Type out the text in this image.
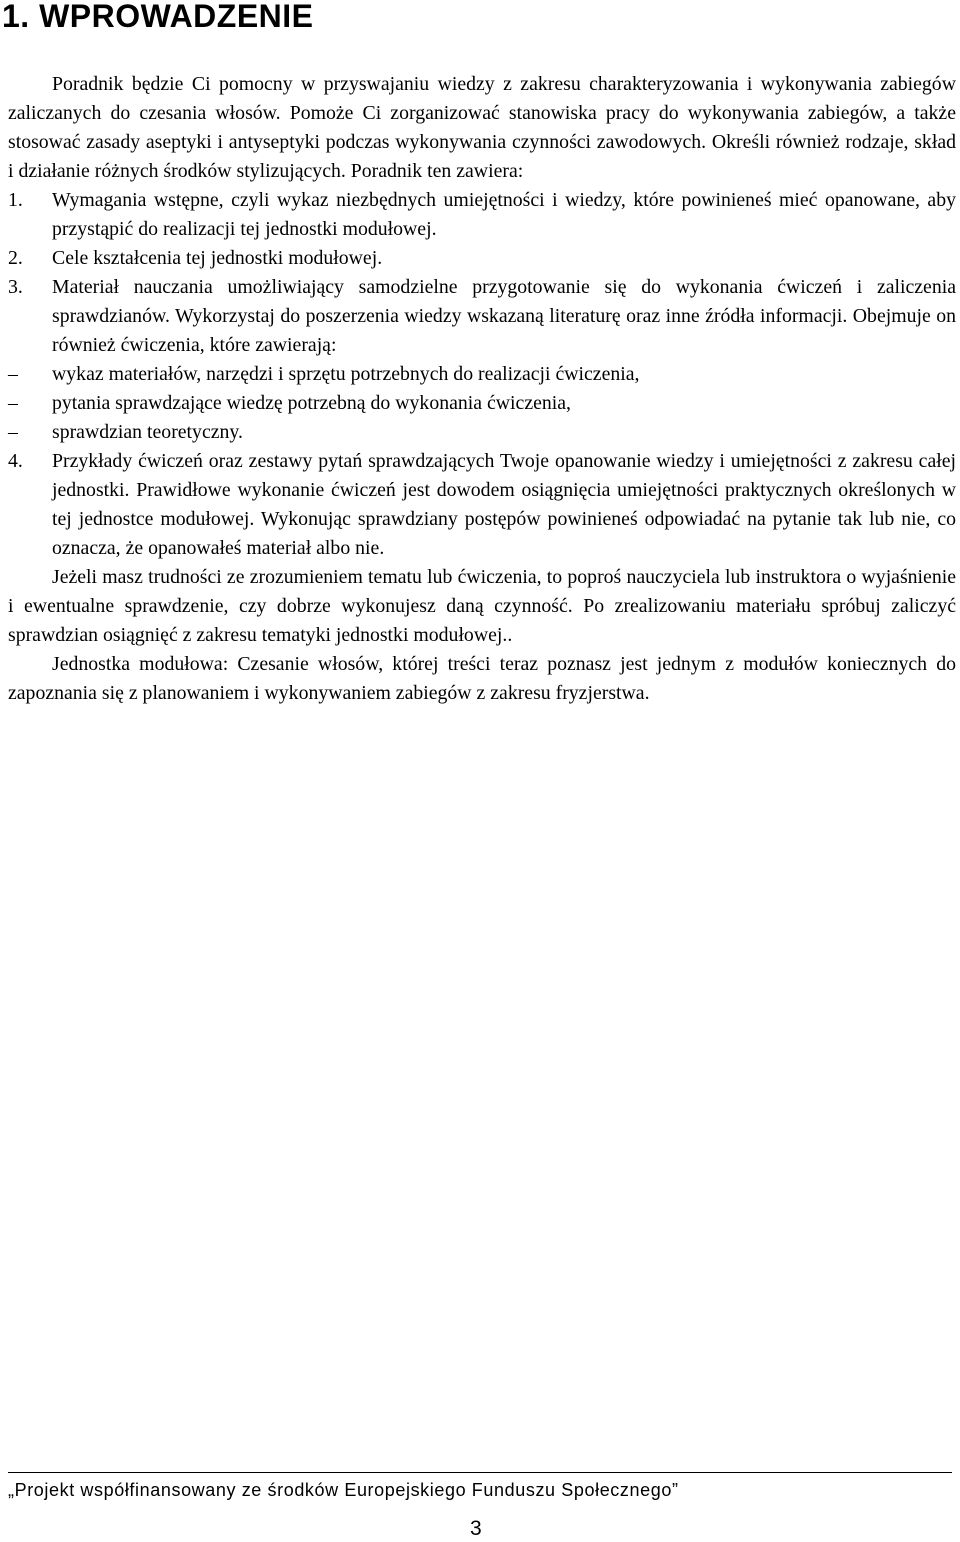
1. WPROWADZENIE

Poradnik będzie Ci pomocny w przyswajaniu wiedzy z zakresu charakteryzowania i wykonywania zabiegów zaliczanych do czesania włosów. Pomoże Ci zorganizować stanowiska pracy do wykonywania zabiegów, a także stosować zasady aseptyki i antyseptyki podczas wykonywania czynności zawodowych. Określi również rodzaje, skład i działanie różnych środków stylizujących. Poradnik ten zawiera:

1.	Wymagania wstępne, czyli wykaz niezbędnych umiejętności i wiedzy, które powinieneś mieć opanowane, aby przystąpić do realizacji tej jednostki modułowej.
2.	Cele kształcenia tej jednostki modułowej.
3.	Materiał nauczania umożliwiający samodzielne przygotowanie się do wykonania ćwiczeń i zaliczenia sprawdzianów. Wykorzystaj do poszerzenia wiedzy wskazaną literaturę oraz inne źródła informacji. Obejmuje on również ćwiczenia, które zawierają:
–	wykaz materiałów, narzędzi i sprzętu potrzebnych do realizacji ćwiczenia,
–	pytania sprawdzające wiedzę potrzebną do wykonania ćwiczenia,
–	sprawdzian teoretyczny.
4.	Przykłady ćwiczeń oraz zestawy pytań sprawdzających Twoje opanowanie wiedzy i umiejętności z zakresu całej jednostki. Prawidłowe wykonanie ćwiczeń jest dowodem osiągnięcia umiejętności praktycznych określonych w tej jednostce modułowej. Wykonując sprawdziany postępów powinieneś odpowiadać na pytanie tak lub nie, co oznacza, że opanowałeś materiał albo nie.

Jeżeli masz trudności ze zrozumieniem tematu lub ćwiczenia, to poproś nauczyciela lub instruktora o wyjaśnienie i ewentualne sprawdzenie, czy dobrze wykonujesz daną czynność. Po zrealizowaniu materiału spróbuj zaliczyć sprawdzian osiągnięć z zakresu tematyki jednostki modułowej..

Jednostka modułowa: Czesanie włosów, której treści teraz poznasz jest jednym z modułów koniecznych do zapoznania się z planowaniem i wykonywaniem zabiegów z zakresu fryzjerstwa.

„Projekt współfinansowany ze środków Europejskiego Funduszu Społecznego”
3
